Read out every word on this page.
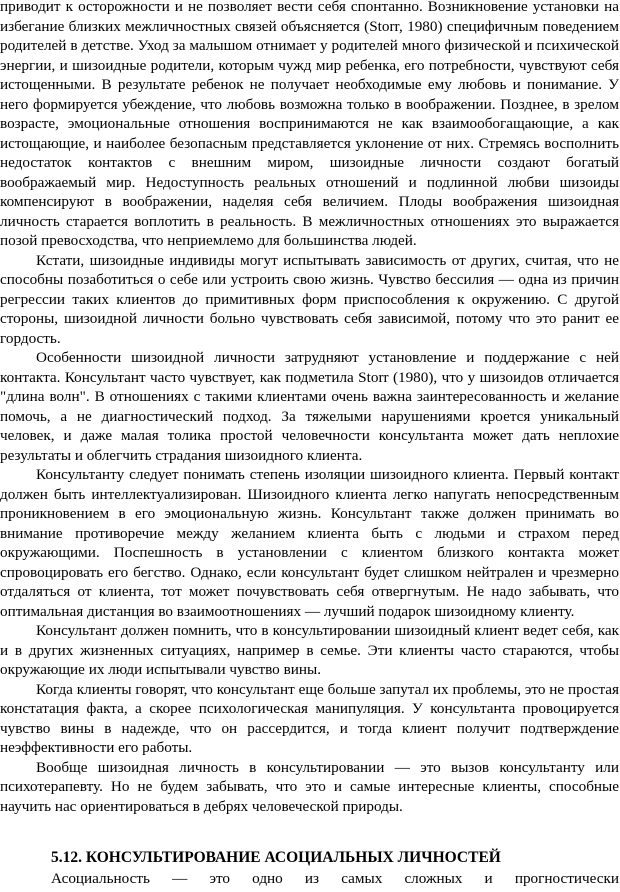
приводит к осторожности и не позволяет вести себя спонтанно. Возникновение установки на избегание близких межличностных связей объясняется (Storr, 1980) специфичным поведением родителей в детстве. Уход за малышом отнимает у родителей много физической и психической энергии, и шизоидные родители, которым чужд мир ребенка, его потребности, чувствуют себя истощенными. В результате ребенок не получает необходимые ему любовь и понимание. У него формируется убеждение, что любовь возможна только в воображении. Позднее, в зрелом возрасте, эмоциональные отношения воспринимаются не как взаимообогащающие, а как истощающие, и наиболее безопасным представляется уклонение от них. Стремясь восполнить недостаток контактов с внешним миром, шизоидные личности создают богатый воображаемый мир. Недоступность реальных отношений и подлинной любви шизоиды компенсируют в воображении, наделяя себя величием. Плоды воображения шизоидная личность старается воплотить в реальность. В межличностных отношениях это выражается позой превосходства, что неприемлемо для большинства людей.

Кстати, шизоидные индивиды могут испытывать зависимость от других, считая, что не способны позаботиться о себе или устроить свою жизнь. Чувство бессилия — одна из причин регрессии таких клиентов до примитивных форм приспособления к окружению. С другой стороны, шизоидной личности больно чувствовать себя зависимой, потому что это ранит ее гордость.

Особенности шизоидной личности затрудняют установление и поддержание с ней контакта. Консультант часто чувствует, как подметила Storr (1980), что у шизоидов отличается "длина волн". В отношениях с такими клиентами очень важна заинтересованность и желание помочь, а не диагностический подход. За тяжелыми нарушениями кроется уникальный человек, и даже малая толика простой человечности консультанта может дать неплохие результаты и облегчить страдания шизоидного клиента.

Консультанту следует понимать степень изоляции шизоидного клиента. Первый контакт должен быть интеллектуализирован. Шизоидного клиента легко напугать непосредственным проникновением в его эмоциональную жизнь. Консультант также должен принимать во внимание противоречие между желанием клиента быть с людьми и страхом перед окружающими. Поспешность в установлении с клиентом близкого контакта может спровоцировать его бегство. Однако, если консультант будет слишком нейтрален и чрезмерно отдаляться от клиента, тот может почувствовать себя отвергнутым. Не надо забывать, что оптимальная дистанция во взаимоотношениях — лучший подарок шизоидному клиенту.

Консультант должен помнить, что в консультировании шизоидный клиент ведет себя, как и в других жизненных ситуациях, например в семье. Эти клиенты часто стараются, чтобы окружающие их люди испытывали чувство вины.

Когда клиенты говорят, что консультант еще больше запутал их проблемы, это не простая констатация факта, а скорее психологическая манипуляция. У консультанта провоцируется чувство вины в надежде, что он рассердится, и тогда клиент получит подтверждение неэффективности его работы.

Вообще шизоидная личность в консультировании — это вызов консультанту или психотерапевту. Но не будем забывать, что это и самые интересные клиенты, способные научить нас ориентироваться в дебрях человеческой природы.

5.12. КОНСУЛЬТИРОВАНИЕ АСОЦИАЛЬНЫХ ЛИЧНОСТЕЙ

Асоциальность — это одно из самых сложных и прогностически
